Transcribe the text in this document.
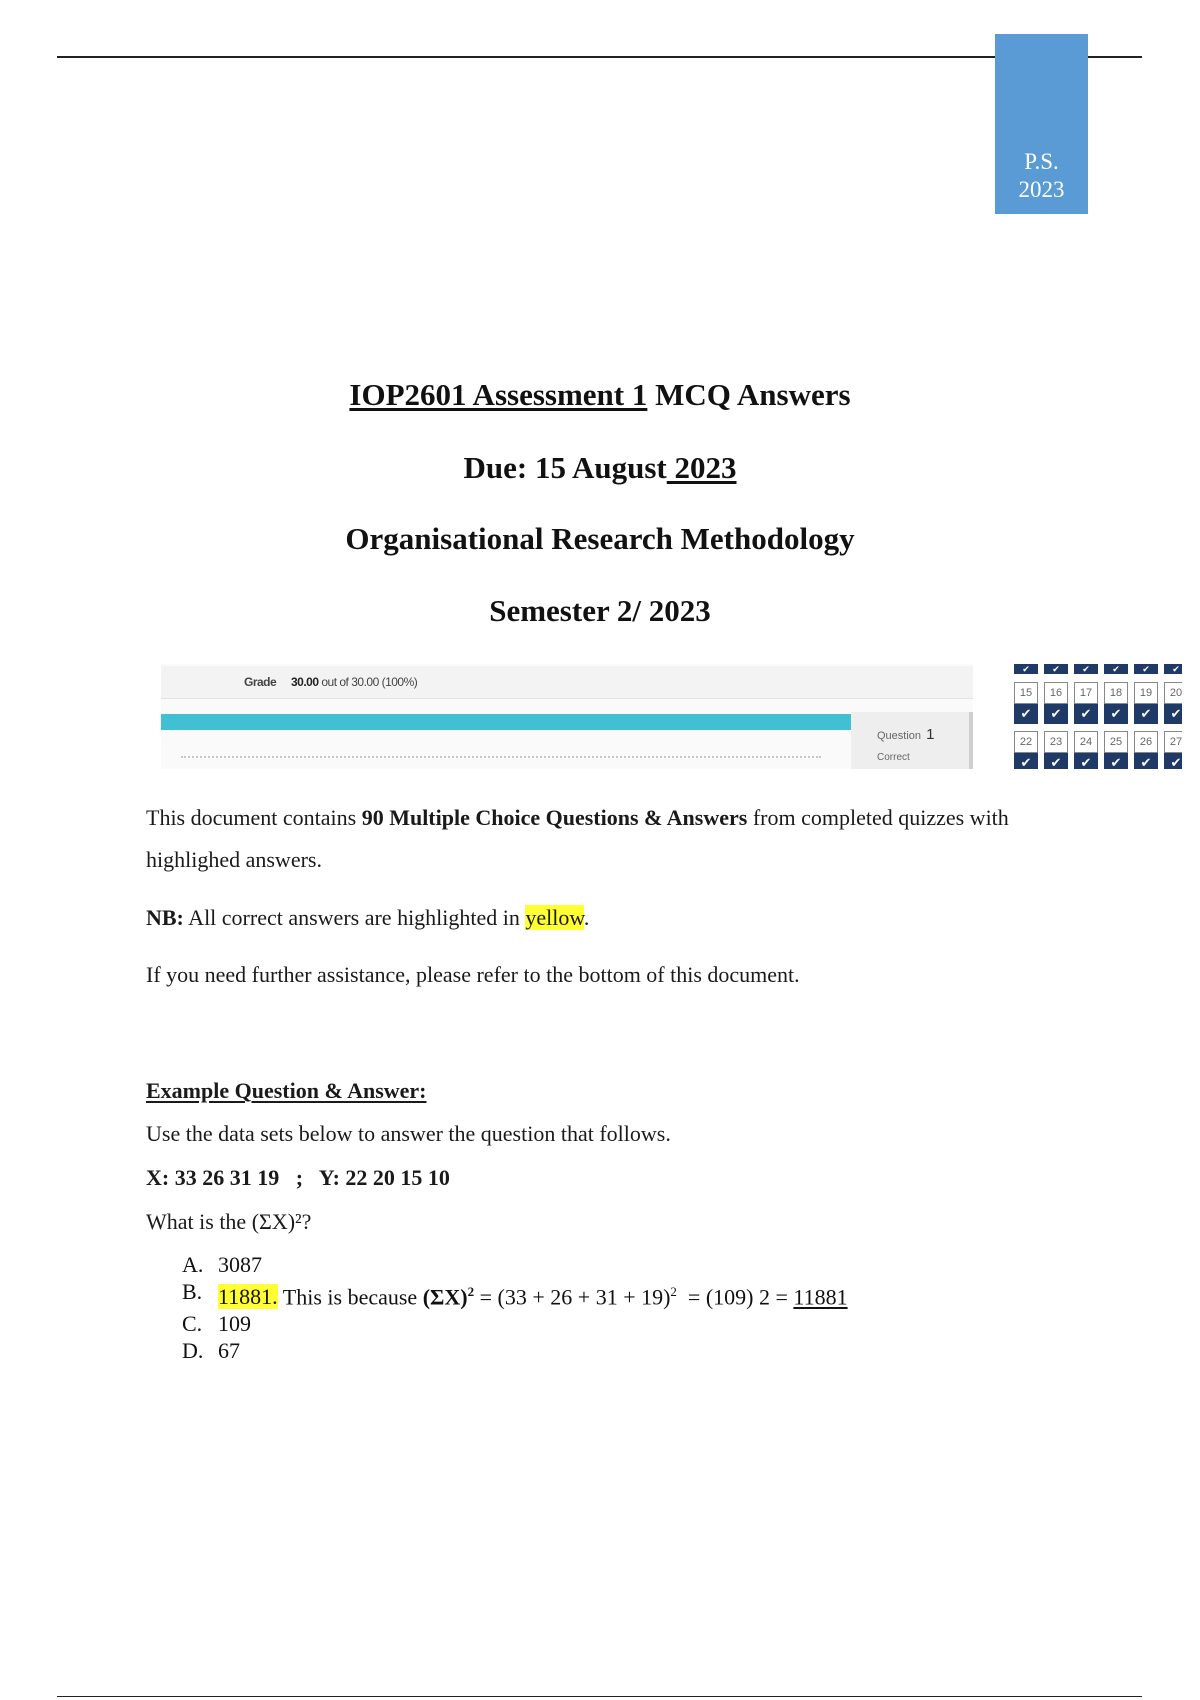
P.S.
2023
IOP2601 Assessment 1 MCQ Answers
Due: 15 August 2023
Organisational Research Methodology
Semester 2/ 2023
Grade 30.00 out of 30.00 (100%)
Question 1
Correct
✔	✔	✔	✔	✔	✔
15	16	17	18	19	20
✔	✔	✔	✔	✔	✔
22	23	24	25	26	27
✔	✔	✔	✔	✔	✔
This document contains 90 Multiple Choice Questions & Answers from completed quizzes with highlighed answers.
NB: All correct answers are highlighted in yellow.
If you need further assistance, please refer to the bottom of this document.
Example Question & Answer:
Use the data sets below to answer the question that follows.
X: 33 26 31 19   ;   Y: 22 20 15 10
What is the (ΣX)²?
A. 3087
B. 11881. This is because $(\Sigma X)^2 = (33 + 26 + 31 + 19)^2 = (109) 2 = 11881$
C. 109
D. 67
